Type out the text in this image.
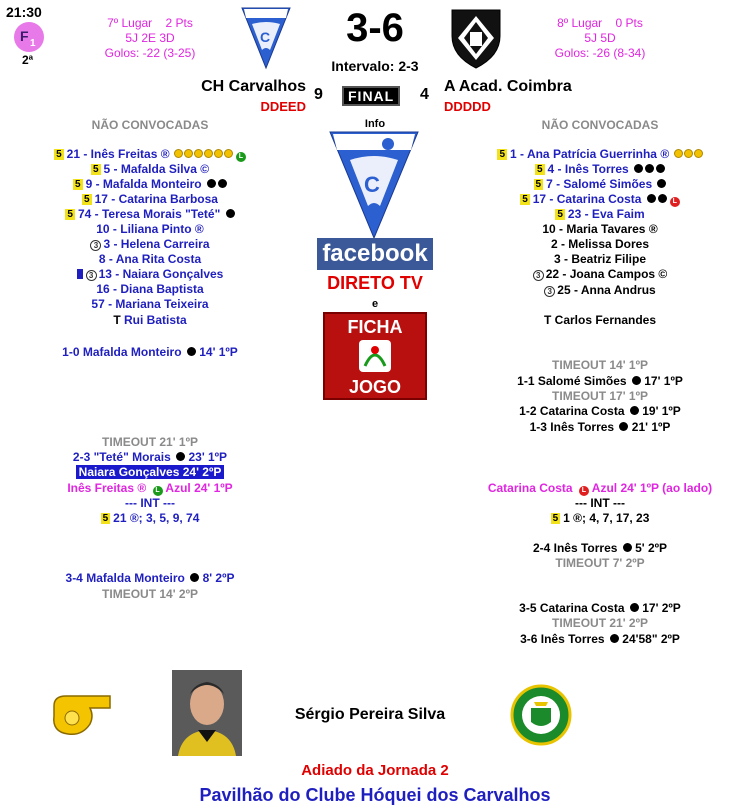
21:30
F 1
2ª
7º Lugar 2 Pts
5J 2E 3D
Golos: -22 (3-25)
C	3-6
Intervalo: 2-3
8º Lugar 0 Pts
5J 5D
Golos: -26 (8-34)
CH Carvalhos	A Acad. Coimbra
9	FINAL	4
DDEED	DDDDD
Info
C
facebook
DIRETO TV
e
FICHA
JOGO
NÃO CONVOCADAS
5 21 - Inês Freitas ®	L
5 5 - Mafalda Silva ©
5 9 - Mafalda Monteiro
5 17 - Catarina Barbosa
5 74 - Teresa Morais "Teté"
10 - Liliana Pinto ®
3 3 - Helena Carreira
8 - Ana Rita Costa
3 13 - Naiara Gonçalves
16 - Diana Baptista
57 - Mariana Teixeira
T Rui Batista
1-0 Mafalda Monteiro 14' 1ºP
TIMEOUT 21' 1ºP
2-3 "Teté" Morais 23' 1ºP
Naiara Gonçalves 24' 2ºP
Inês Freitas ® L Azul 24' 1ºP
--- INT ---
5 21 ®; 3, 5, 9, 74
3-4 Mafalda Monteiro 8' 2ºP
TIMEOUT 14' 2ºP
NÃO CONVOCADAS
5 1 - Ana Patrícia Guerrinha ®
5 4 - Inês Torres
5 7 - Salomé Simões
5 17 - Catarina Costa	L
5 23 - Eva Faim
10 - Maria Tavares ®
2 - Melissa Dores
3 - Beatriz Filipe
3 22 - Joana Campos ©
3 25 - Anna Andrus
T Carlos Fernandes
TIMEOUT 14' 1ºP
1-1 Salomé Simões 17' 1ºP
TIMEOUT 17' 1ºP
1-2 Catarina Costa 19' 1ºP
1-3 Inês Torres 21' 1ºP
Catarina Costa L Azul 24' 1ºP (ao lado)
--- INT ---
5 1 ®; 4, 7, 17, 23
2-4 Inês Torres 5' 2ºP
TIMEOUT 7' 2ºP
3-5 Catarina Costa 17' 2ºP
TIMEOUT 21' 2ºP
3-6 Inês Torres 24'58" 2ºP
Sérgio Pereira Silva
Adiado da Jornada 2
Pavilhão do Clube Hóquei dos Carvalhos
